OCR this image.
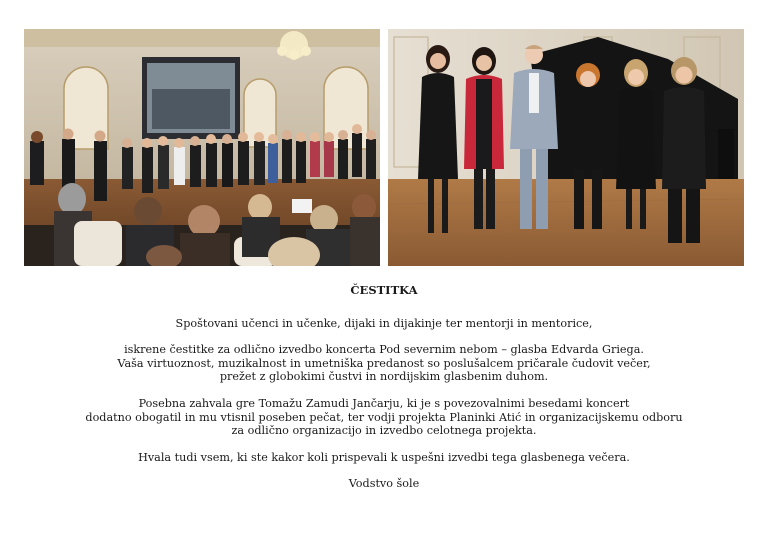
ČESTITKA
Spoštovani učenci in učenke, dijaki in dijakinje ter mentorji in mentorice,
iskrene čestitke za odlično izvedbo koncerta Pod severnim nebom – glasba Edvarda Griega.
Vaša virtuoznost, muzikalnost in umetniška predanost so poslušalcem pričarale čudovit večer,
prežet z globokimi čustvi in nordijskim glasbenim duhom.
Posebna zahvala gre Tomažu Zamudi Jančarju, ki je s povezovalnimi besedami koncert
dodatno obogatil in mu vtisnil poseben pečat, ter vodji projekta Planinki Atić in organizacijskemu odboru
za odlično organizacijo in izvedbo celotnega projekta.
Hvala tudi vsem, ki ste kakor koli prispevali k uspešni izvedbi tega glasbenega večera.
Vodstvo šole
